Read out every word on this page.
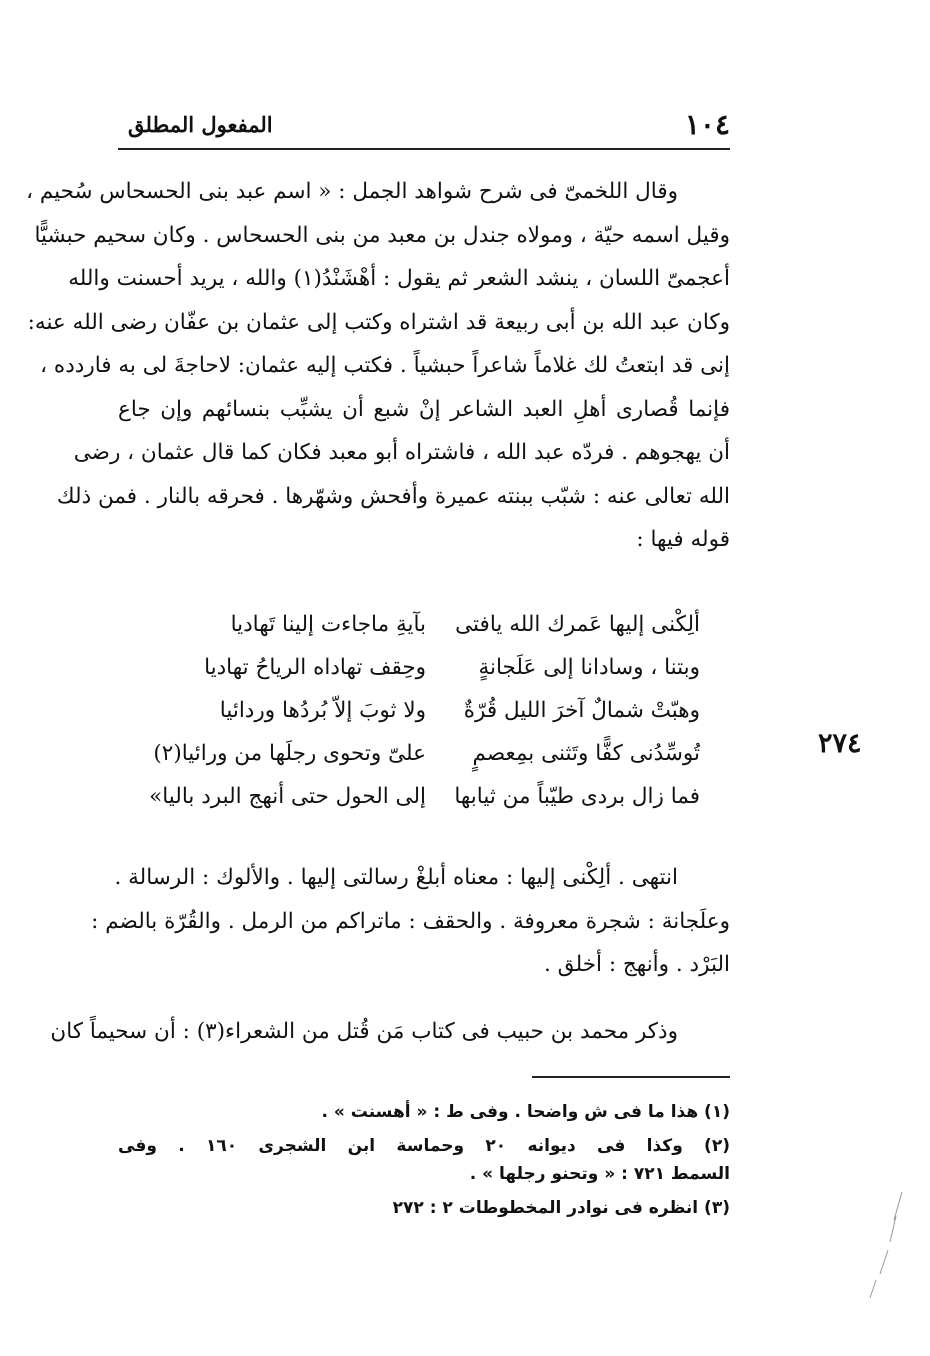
١٠٤
المفعول المطلق
وقال اللخمىّ فى شرح شواهد الجمل : « اسم عبد بنى الحسحاس سُحيم ،
وقيل اسمه حيّة ، ومولاه جندل بن معبد من بنى الحسحاس . وكان سحيم حبشيًّا
أعجمىّ اللسان ، ينشد الشعر ثم يقول : أهْشَنْدُ(١) والله ، يريد أحسنت والله
وكان عبد الله بن أبى ربيعة قد اشتراه وكتب إلى عثمان بن عفّان رضى الله عنه:
إنى قد ابتعتُ لك غلاماً شاعراً حبشياً . فكتب إليه عثمان: لاحاجةَ لى به فاردده ،
فإنما قُصارى أهلِ العبد الشاعر إنْ شبع أن يشبِّب بنسائهم وإن جاع
أن يهجوهم . فردّه عبد الله ، فاشتراه أبو معبد فكان كما قال عثمان ، رضى
الله تعالى عنه : شبّب ببنته عميرة وأفحش وشهّرها . فحرقه بالنار . فمن ذلك
قوله فيها :
ألِكْنى إليها عَمرك الله يافتى
بآيةِ ماجاءت إلينا تَهاديا
وبتنا ، وسادانا إلى عَلَجانةٍ
وحِقف تهاداه الرياحُ تهاديا
وهبّتْ شمالٌ آخرَ الليل قُرّةٌ
ولا ثوبَ إلاّ بُردُها وردائيا
تُوسِّدُنى كفًّا وتَثنى بمِعصمٍ
علىّ وتحوى رجلَها من ورائيا(٢)
فما زال بردى طيّباً من ثيابها
إلى الحول حتى أنهج البرد باليا»
٢٧٤
انتهى . ألِكْنى إليها : معناه أبلغْ رسالتى إليها . والألوك : الرسالة .
وعلَجانة : شجرة معروفة . والحقف : ماتراكم من الرمل . والقُرّة بالضم :
البَرْد . وأنهج : أخلق .
وذكر محمد بن حبيب فى كتاب مَن قُتل من الشعراء(٣) : أن سحيماً كان
(١) هذا ما فى ش واضحا . وفى ط : « أهسنت » .
(٢) وكذا فى ديوانه ٢٠ وحماسة ابن الشجرى ١٦٠ . وفى
السمط ٧٢١ : « وتحنو رجلها » .
(٣) انظره فى نوادر المخطوطات ٢ : ٢٧٢
